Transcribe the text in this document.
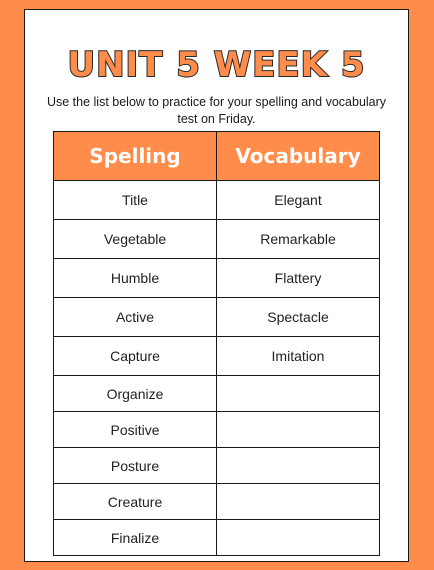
UNIT 5 WEEK 5
Use the list below to practice for your spelling and vocabulary test on Friday.
Spelling	Vocabulary
Title	Elegant
Vegetable	Remarkable
Humble	Flattery
Active	Spectacle
Capture	Imitation
Organize	
Positive	
Posture	
Creature	
Finalize	
